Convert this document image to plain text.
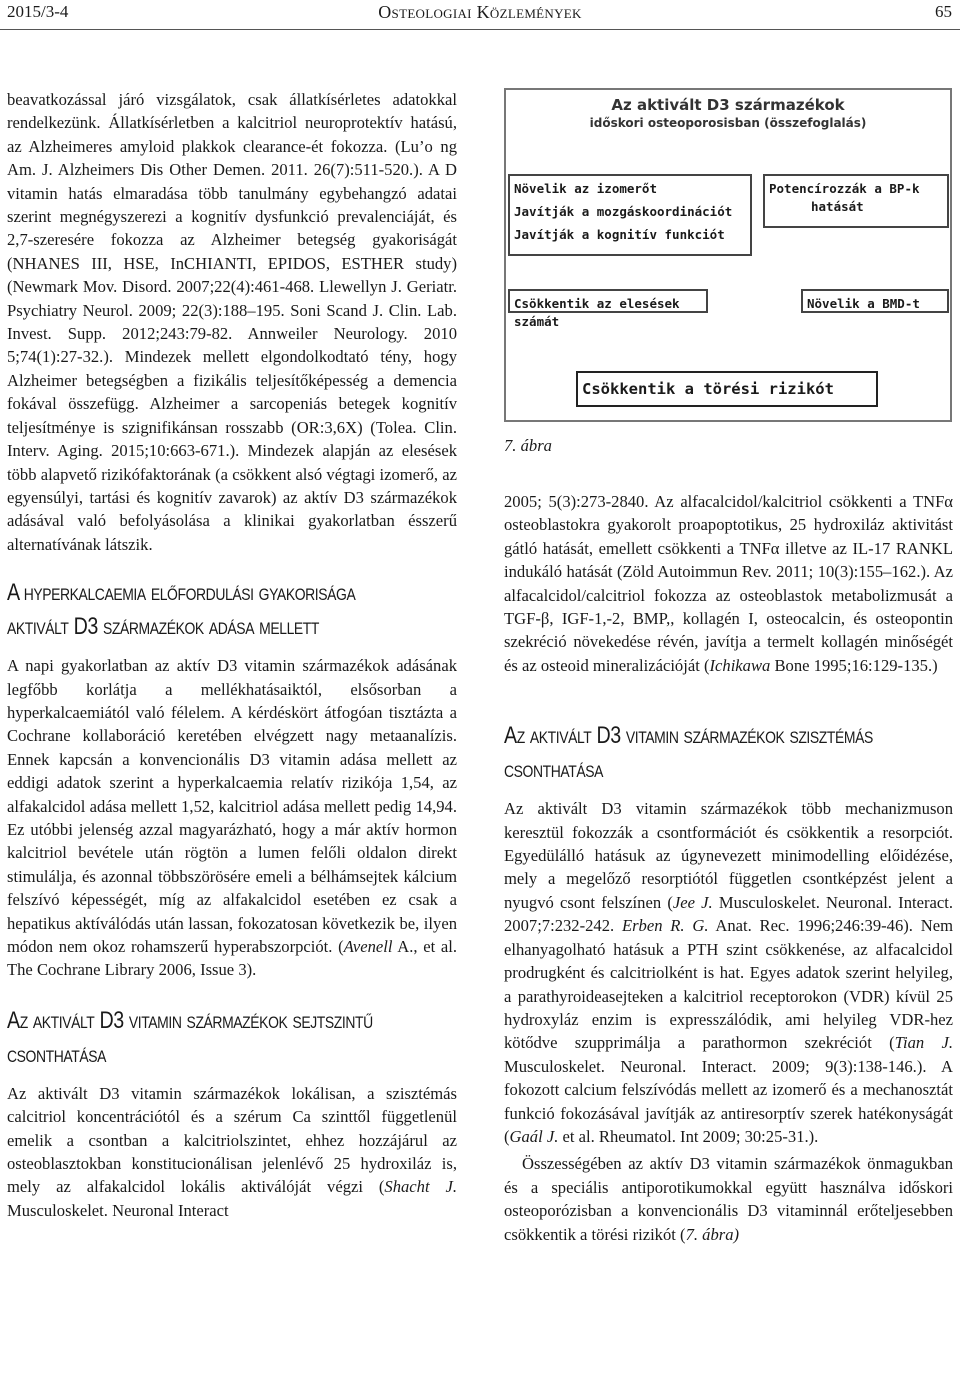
2015/3-4	Osteologiai Közlemények	65

beavatkozással járó vizsgálatok, csak állatkísérletes adatokkal rendelkezünk. Állatkísérletben a kalcitriol neuroprotektív hatású, az Alzheimeres amyloid plakkok clearance-ét fokozza. (Lu’o ng Am. J. Alzheimers Dis Other Demen. 2011. 26(7):511-520.). A D vitamin hatás elmaradása több tanulmány egybehangzó adatai szerint megnégyszerezi a kognitív dysfunkció prevalenciáját, és 2,7-szeresére fokozza az Alzheimer betegség gyakoriságát (NHANES III, HSE, InCHIANTI, EPIDOS, ESTHER study) (Newmark Mov. Disord. 2007;22(4):461-468. Llewellyn J. Geriatr. Psychiatry Neurol. 2009; 22(3):188–195. Soni Scand J. Clin. Lab. Invest. Supp. 2012;243:79-82. Annweiler Neurology. 2010 5;74(1):27-32.). Mindezek mellett elgondolkodtató tény, hogy Alzheimer betegségben a fizikális teljesítőképesség a demencia fokával összefügg. Alzheimer a sarcopeniás betegek kognitív teljesítménye is szignifikánsan rosszabb (OR:3,6X) (Tolea. Clin. Interv. Aging. 2015;10:663-671.). Mindezek alapján az elesések több alapvető rizikófaktorának (a csökkent alsó végtagi izomerő, az egyensúlyi, tartási és kognitív zavarok) az aktív D3 származékok adásával való befolyásolása a klinikai gyakorlatban ésszerű alternatívának látszik.

A hyperkalcaemia előfordulási gyakorisága
aktivált D3 származékok adása mellett

A napi gyakorlatban az aktív D3 vitamin származékok adásának legfőbb korlátja a mellékhatásaiktól, elsősorban a hyperkalcaemiától való félelem. A kérdéskört átfogóan tisztázta a Cochrane kollaboráció keretében elvégzett nagy metaanalízis. Ennek kapcsán a konvencionális D3 vitamin adása mellett az eddigi adatok szerint a hyperkalcaemia relatív rizikója 1,54, az alfakalcidol adása mellett 1,52, kalcitriol adása mellett pedig 14,94. Ez utóbbi jelenség azzal magyarázható, hogy a már aktív hormon kalcitriol bevétele után rögtön a lumen felőli oldalon direkt stimulálja, és azonnal többszörösére emeli a bélhámsejtek kálcium felszívó képességét, míg az alfakalcidol esetében ez csak a hepatikus aktíválódás után lassan, fokozatosan következik be, ilyen módon nem okoz rohamszerű hyperabszorpciót. (Avenell A., et al. The Cochrane Library 2006, Issue 3).

Az aktivált D3 vitamin származékok sejtszintű
csonthatása

Az aktivált D3 vitamin származékok lokálisan, a szisztémás calcitriol koncentrációtól és a szérum Ca szinttől függetlenül emelik a csontban a kalcitriolszintet, ehhez hozzájárul az osteoblasztokban konstitucionálisan jelenlévő 25 hydroxiláz is, mely az alfakalcidol lokális aktiválóját végzi (Shacht J. Musculoskelet. Neuronal Interact

Az aktivált D3 származékok
időskori osteoporosisban (összefoglalás)
Növelik az izomerőt
Javítják a mozgáskoordinációt
Javítják a kognitív funkciót
Potencírozzák a BP-k
hatását
Csökkentik az elesések számát
Növelik a BMD-t
Csökkentik a törési rizikót
7. ábra

2005; 5(3):273-2840. Az alfacalcidol/kalcitriol csökkenti a TNFα osteoblastokra gyakorolt proapoptotikus, 25 hydroxiláz aktivitást gátló hatását, emellett csökkenti a TNFα illetve az IL-17 RANKL indukáló hatását (Zöld Autoimmun Rev. 2011; 10(3):155–162.). Az alfacalcidol/calcitriol fokozza az osteoblastok metabolizmusát a TGF-β, IGF-1,-2, BMP,, kollagén I, osteocalcin, és osteopontin szekréció növekedése révén, javítja a termelt kollagén minőségét és az osteoid mineralizációját (Ichikawa Bone 1995;16:129-135.)

Az aktivált D3 vitamin származékok szisztémás
csonthatása

Az aktivált D3 vitamin származékok több mechanizmuson keresztül fokozzák a csontformációt és csökkentik a resorpciót. Egyedülálló hatásuk az úgynevezett minimodelling előidézése, mely a megelőző resorptiótól független csontképzést jelent a nyugvó csont felszínen (Jee J. Musculoskelet. Neuronal. Interact. 2007;7:232-242. Erben R. G. Anat. Rec. 1996;246:39-46). Nem elhanyagolható hatásuk a PTH szint csökkenése, az alfacalcidol prodrugként és calcitriolként is hat. Egyes adatok szerint helyileg, a parathyroideasejteken a kalcitriol receptorokon (VDR) kívül 25 hydroxyláz enzim is expresszálódik, ami helyileg VDR-hez kötődve szupprimálja a parathormon szekréciót (Tian J. Musculoskelet. Neuronal. Interact. 2009; 9(3):138-146.). A fokozott calcium felszívódás mellett az izomerő és a mechanosztát funkció fokozásával javítják az antiresorptív szerek hatékonyságát (Gaál J. et al. Rheumatol. Int 2009; 30:25-31.).

Összességében az aktív D3 vitamin származékok önmagukban és a speciális antiporotikumokkal együtt használva időskori osteoporózisban a konvencionális D3 vitaminnál erőteljesebben csökkentik a törési rizikót (7. ábra)
